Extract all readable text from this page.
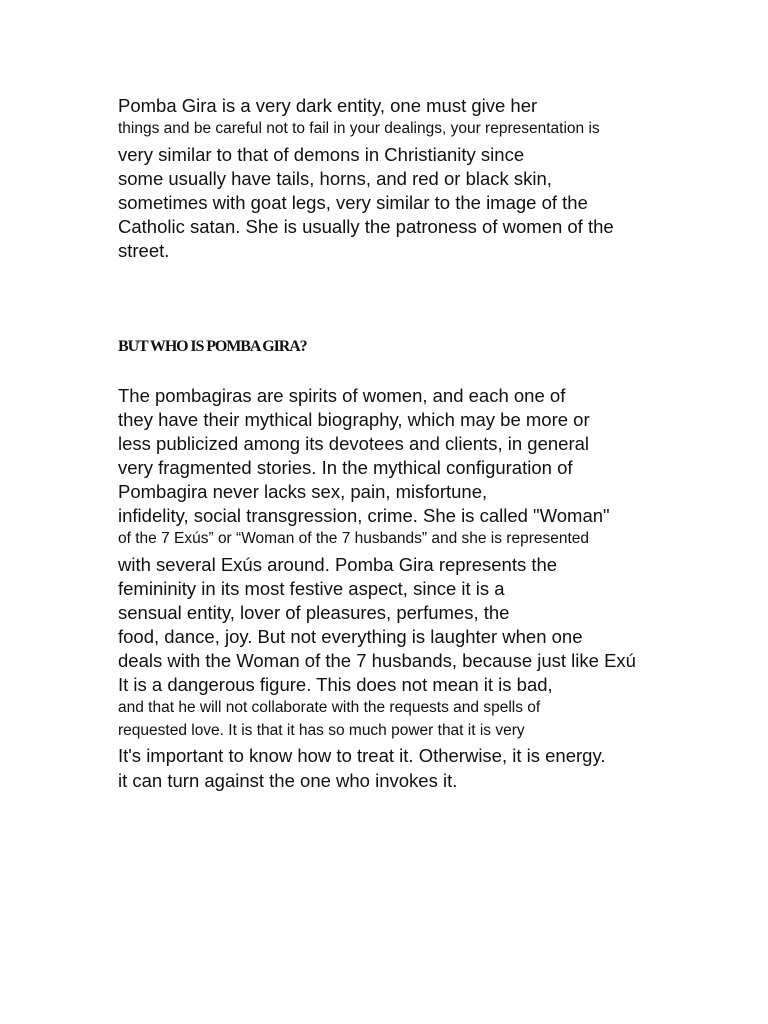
Pomba Gira is a very dark entity, one must give her
things and be careful not to fail in your dealings, your representation is
very similar to that of demons in Christianity since
some usually have tails, horns, and red or black skin,
sometimes with goat legs, very similar to the image of the
Catholic satan. She is usually the patroness of women of the
street.
BUT WHO IS POMBA GIRA?
The pombagiras are spirits of women, and each one of
they have their mythical biography, which may be more or
less publicized among its devotees and clients, in general
very fragmented stories. In the mythical configuration of
Pombagira never lacks sex, pain, misfortune,
infidelity, social transgression, crime. She is called "Woman"
of the 7 Exús” or “Woman of the 7 husbands” and she is represented
with several Exús around. Pomba Gira represents the
femininity in its most festive aspect, since it is a
sensual entity, lover of pleasures, perfumes, the
food, dance, joy. But not everything is laughter when one
deals with the Woman of the 7 husbands, because just like Exú
It is a dangerous figure. This does not mean it is bad,
and that he will not collaborate with the requests and spells of
requested love. It is that it has so much power that it is very
It's important to know how to treat it. Otherwise, it is energy.
it can turn against the one who invokes it.
